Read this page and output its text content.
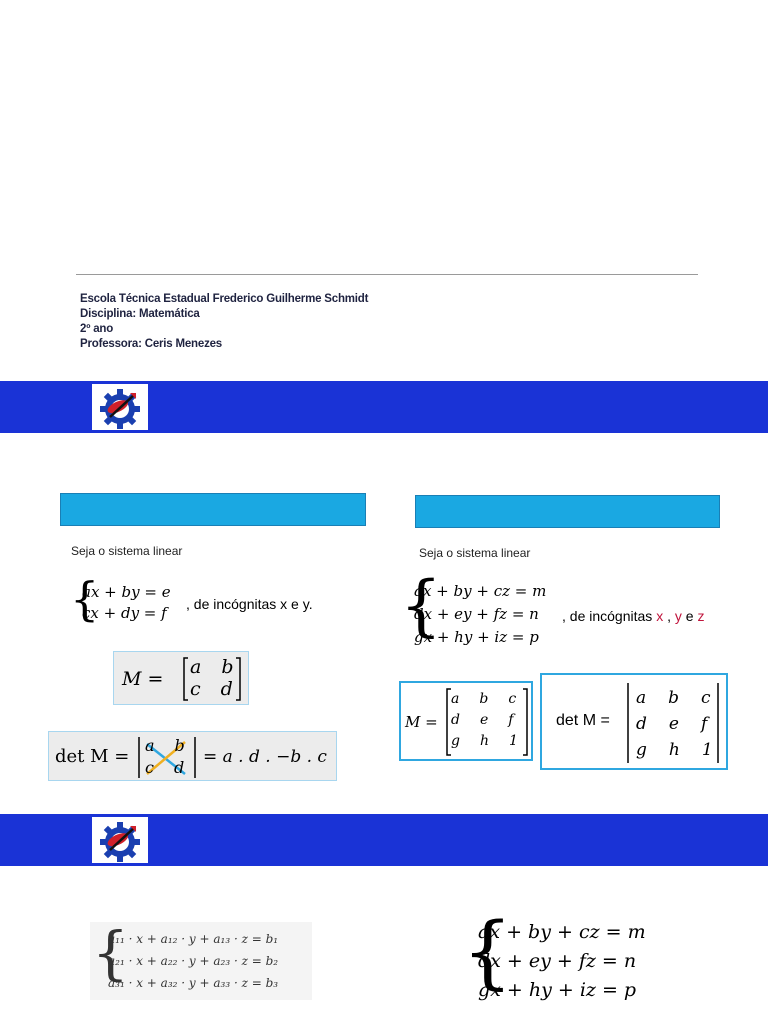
Escola Técnica Estadual Frederico Guilherme Schmidt
Disciplina: Matemática
2º ano
Professora: Ceris Menezes
Seja o sistema linear
{
ax + by = e
cx + dy = f , de incógnitas x e y.
M =
a b
c d
det M =
a b
c d
= a . d . −b . c
Seja o sistema linear
{
ax + by + cz = m
dx + ey + fz = n
gx + hy + iz = p
, de incógnitas x , y e z
M =
a b c
d e f
g h 1
det M =
a b c
d e f
g h 1
{
a₁₁ · x + a₁₂ · y + a₁₃ · z = b₁
a₂₁ · x + a₂₂ · y + a₂₃ · z = b₂
a₃₁ · x + a₃₂ · y + a₃₃ · z = b₃ {
ax + by + cz = m
dx + ey + fz = n
gx + hy + iz = p
